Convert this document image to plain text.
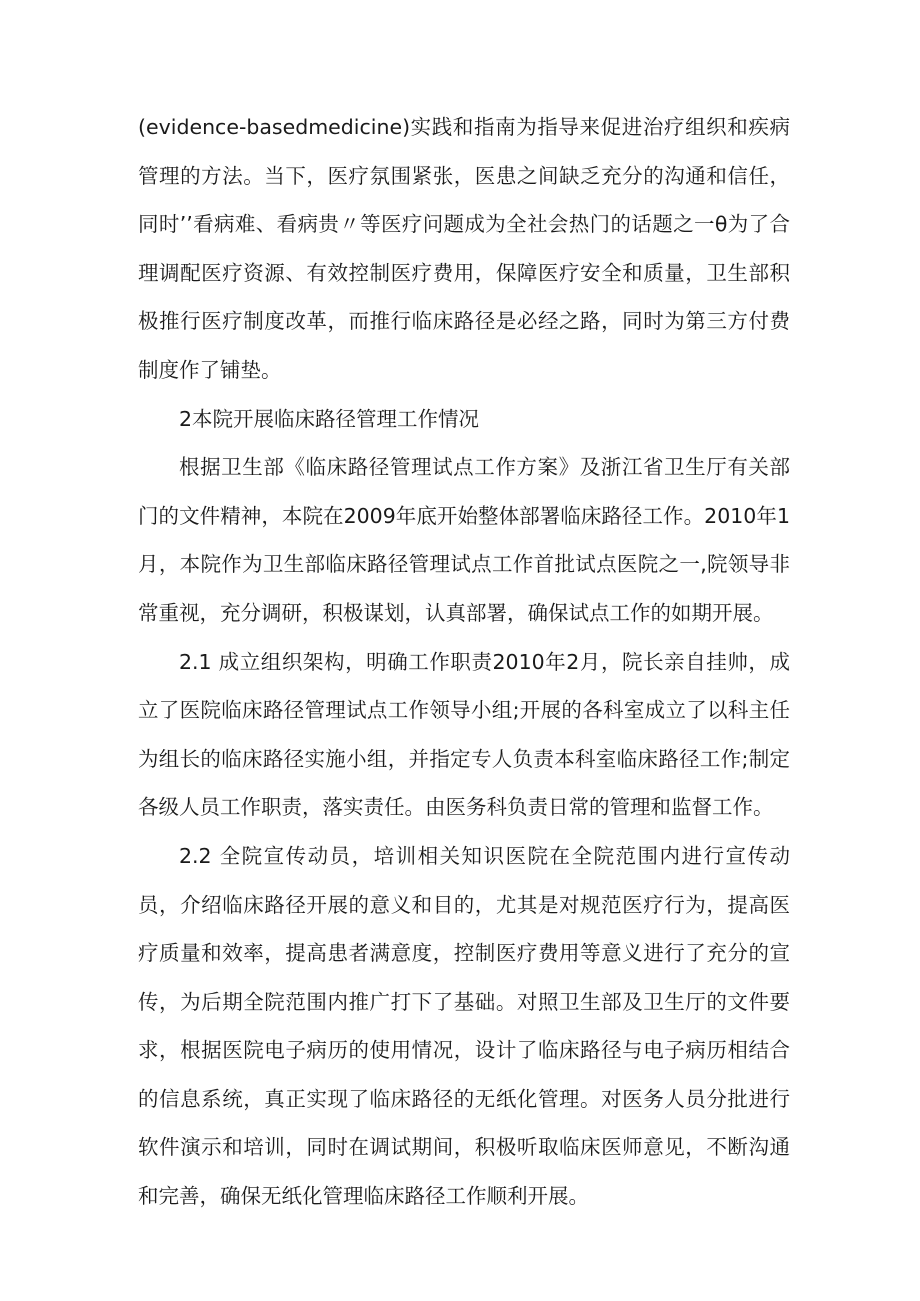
(evidence-basedmedicine)实践和指南为指导来促进治疗组织和疾病管理的方法。当下，医疗氛围紧张，医患之间缺乏充分的沟通和信任，同时’’看病难、看病贵〃等医疗问题成为全社会热门的话题之一θ为了合理调配医疗资源、有效控制医疗费用，保障医疗安全和质量，卫生部积极推行医疗制度改革，而推行临床路径是必经之路，同时为第三方付费制度作了铺垫。

2本院开展临床路径管理工作情况

根据卫生部《临床路径管理试点工作方案》及浙江省卫生厅有关部门的文件精神，本院在2009年底开始整体部署临床路径工作。2010年1月，本院作为卫生部临床路径管理试点工作首批试点医院之一,院领导非常重视，充分调研，积极谋划，认真部署，确保试点工作的如期开展。

2.1 成立组织架构，明确工作职责2010年2月，院长亲自挂帅，成立了医院临床路径管理试点工作领导小组;开展的各科室成立了以科主任为组长的临床路径实施小组，并指定专人负责本科室临床路径工作;制定各级人员工作职责，落实责任。由医务科负责日常的管理和监督工作。

2.2 全院宣传动员，培训相关知识医院在全院范围内进行宣传动员，介绍临床路径开展的意义和目的，尤其是对规范医疗行为，提高医疗质量和效率，提高患者满意度，控制医疗费用等意义进行了充分的宣传，为后期全院范围内推广打下了基础。对照卫生部及卫生厅的文件要求，根据医院电子病历的使用情况，设计了临床路径与电子病历相结合的信息系统，真正实现了临床路径的无纸化管理。对医务人员分批进行软件演示和培训，同时在调试期间，积极听取临床医师意见，不断沟通和完善，确保无纸化管理临床路径工作顺利开展。
